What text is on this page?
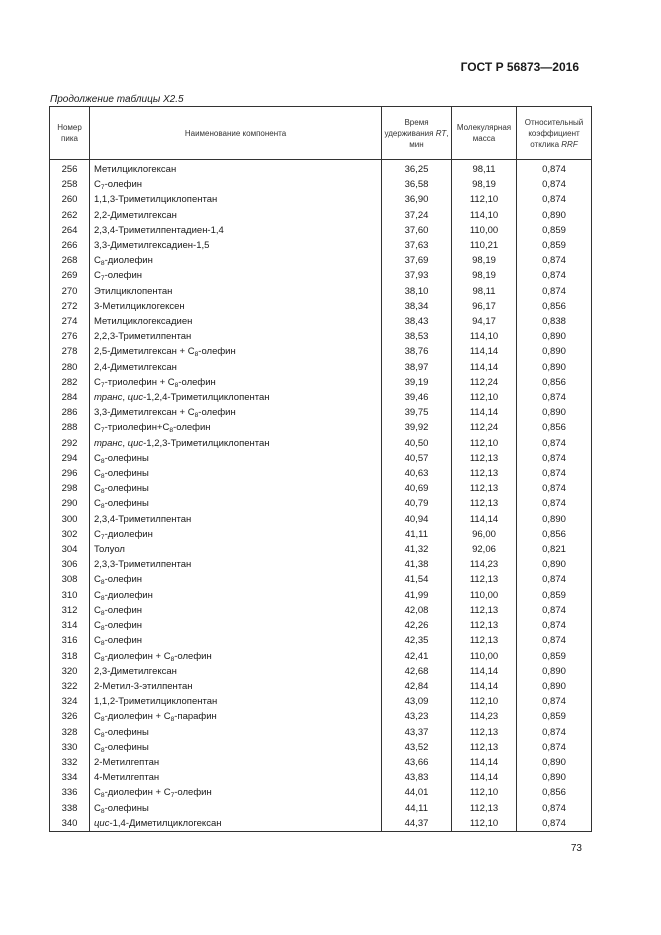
ГОСТ Р 56873—2016
Продолжение таблицы Х2.5
Номер пика	Наименование компонента	Время удерживания RT, мин	Молекулярная масса	Относительный коэффициент отклика RRF
256	Метилциклогексан	36,25	98,11	0,874
258	$C_7$-олефин	36,58	98,19	0,874
260	1,1,3-Триметилциклопентан	36,90	112,10	0,874
262	2,2-Диметилгексан	37,24	114,10	0,890
264	2,3,4-Триметилпентадиен-1,4	37,60	110,00	0,859
266	3,3-Диметилгексадиен-1,5	37,63	110,21	0,859
268	$C_8$-диолефин	37,69	98,19	0,874
269	$C_7$-олефин	37,93	98,19	0,874
270	Этилциклопентан	38,10	98,11	0,874
272	3-Метилциклогексен	38,34	96,17	0,856
274	Метилциклогексадиен	38,43	94,17	0,838
276	2,2,3-Триметилпентан	38,53	114,10	0,890
278	2,5-Диметилгексан + $C_8$-олефин	38,76	114,14	0,890
280	2,4-Диметилгексан	38,97	114,14	0,890
282	$C_7$-триолефин + $C_8$-олефин	39,19	112,24	0,856
284	транс, цис-1,2,4-Триметилциклопентан	39,46	112,10	0,874
286	3,3-Диметилгексан + $C_8$-олефин	39,75	114,14	0,890
288	$C_7-триолефин+C_8$-олефин	39,92	112,24	0,856
292	транс, цис-1,2,3-Триметилциклопентан	40,50	112,10	0,874
294	$C_8$-олефины	40,57	112,13	0,874
296	$C_8$-олефины	40,63	112,13	0,874
298	$C_8$-олефины	40,69	112,13	0,874
290	$C_8$-олефины	40,79	112,13	0,874
300	2,3,4-Триметилпентан	40,94	114,14	0,890
302	$C_7$-диолефин	41,11	96,00	0,856
304	Толуол	41,32	92,06	0,821
306	2,3,3-Триметилпентан	41,38	114,23	0,890
308	$C_8$-олефин	41,54	112,13	0,874
310	$C_8$-диолефин	41,99	110,00	0,859
312	$C_8$-олефин	42,08	112,13	0,874
314	$C_8$-олефин	42,26	112,13	0,874
316	$C_8$-олефин	42,35	112,13	0,874
318	$C_8$-диолефин + $C_8$-олефин	42,41	110,00	0,859
320	2,3-Диметилгексан	42,68	114,14	0,890
322	2-Метил-3-этилпентан	42,84	114,14	0,890
324	1,1,2-Триметилциклопентан	43,09	112,10	0,874
326	$C_8$-диолефин + $C_8$-парафин	43,23	114,23	0,859
328	$C_8$-олефины	43,37	112,13	0,874
330	$C_8$-олефины	43,52	112,13	0,874
332	2-Метилгептан	43,66	114,14	0,890
334	4-Метилгептан	43,83	114,14	0,890
336	$C_8$-диолефин + $C_7$-олефин	44,01	112,10	0,856
338	$C_8$-олефины	44,11	112,13	0,874
340	цис-1,4-Диметилциклогексан	44,37	112,10	0,874
73
